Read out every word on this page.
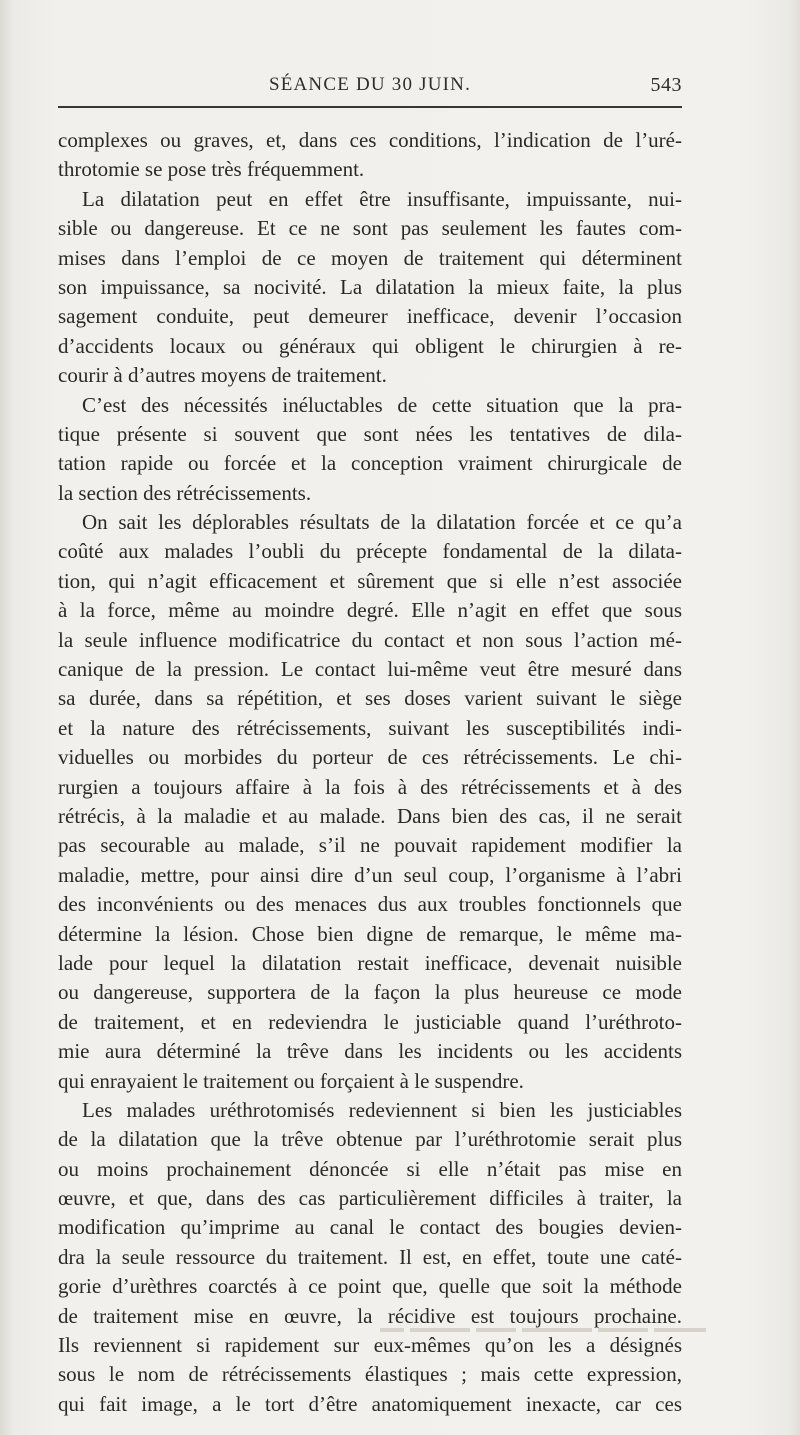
SÉANCE DU 30 JUIN.	543
complexes ou graves, et, dans ces conditions, l’indication de l’uré-
throtomie se pose très fréquemment.
La dilatation peut en effet être insuffisante, impuissante, nui-
sible ou dangereuse. Et ce ne sont pas seulement les fautes com-
mises dans l’emploi de ce moyen de traitement qui déterminent
son impuissance, sa nocivité. La dilatation la mieux faite, la plus
sagement conduite, peut demeurer inefficace, devenir l’occasion
d’accidents locaux ou généraux qui obligent le chirurgien à re-
courir à d’autres moyens de traitement.
C’est des nécessités inéluctables de cette situation que la pra-
tique présente si souvent que sont nées les tentatives de dila-
tation rapide ou forcée et la conception vraiment chirurgicale de
la section des rétrécissements.
On sait les déplorables résultats de la dilatation forcée et ce qu’a
coûté aux malades l’oubli du précepte fondamental de la dilata-
tion, qui n’agit efficacement et sûrement que si elle n’est associée
à la force, même au moindre degré. Elle n’agit en effet que sous
la seule influence modificatrice du contact et non sous l’action mé-
canique de la pression. Le contact lui-même veut être mesuré dans
sa durée, dans sa répétition, et ses doses varient suivant le siège
et la nature des rétrécissements, suivant les susceptibilités indi-
viduelles ou morbides du porteur de ces rétrécissements. Le chi-
rurgien a toujours affaire à la fois à des rétrécissements et à des
rétrécis, à la maladie et au malade. Dans bien des cas, il ne serait
pas secourable au malade, s’il ne pouvait rapidement modifier la
maladie, mettre, pour ainsi dire d’un seul coup, l’organisme à l’abri
des inconvénients ou des menaces dus aux troubles fonctionnels que
détermine la lésion. Chose bien digne de remarque, le même ma-
lade pour lequel la dilatation restait inefficace, devenait nuisible
ou dangereuse, supportera de la façon la plus heureuse ce mode
de traitement, et en redeviendra le justiciable quand l’uréthroto-
mie aura déterminé la trêve dans les incidents ou les accidents
qui enrayaient le traitement ou forçaient à le suspendre.
Les malades uréthrotomisés redeviennent si bien les justiciables
de la dilatation que la trêve obtenue par l’uréthrotomie serait plus
ou moins prochainement dénoncée si elle n’était pas mise en
œuvre, et que, dans des cas particulièrement difficiles à traiter, la
modification qu’imprime au canal le contact des bougies devien-
dra la seule ressource du traitement. Il est, en effet, toute une caté-
gorie d’urèthres coarctés à ce point que, quelle que soit la méthode
de traitement mise en œuvre, la récidive est toujours prochaine.
Ils reviennent si rapidement sur eux-mêmes qu’on les a désignés
sous le nom de rétrécissements élastiques ; mais cette expression,
qui fait image, a le tort d’être anatomiquement inexacte, car ces
